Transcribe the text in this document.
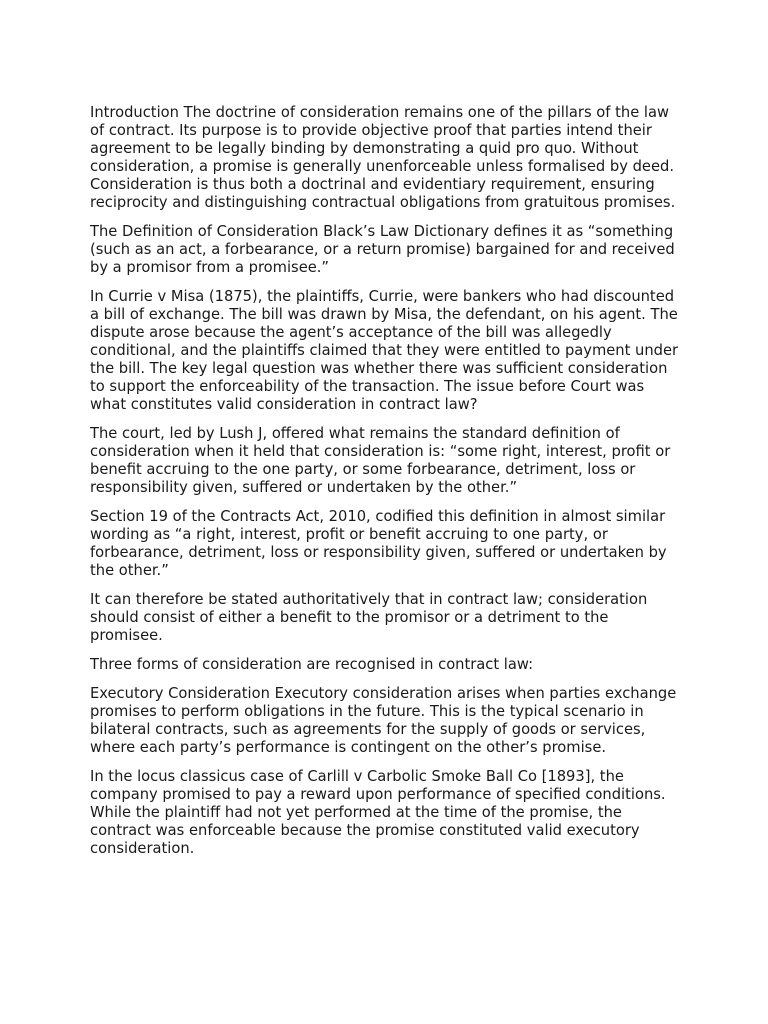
Introduction The doctrine of consideration remains one of the pillars of the law of contract. Its purpose is to provide objective proof that parties intend their agreement to be legally binding by demonstrating a quid pro quo. Without consideration, a promise is generally unenforceable unless formalised by deed. Consideration is thus both a doctrinal and evidentiary requirement, ensuring reciprocity and distinguishing contractual obligations from gratuitous promises.

The Definition of Consideration Black’s Law Dictionary defines it as “something (such as an act, a forbearance, or a return promise) bargained for and received by a promisor from a promisee.”

In Currie v Misa (1875), the plaintiffs, Currie, were bankers who had discounted a bill of exchange. The bill was drawn by Misa, the defendant, on his agent. The dispute arose because the agent’s acceptance of the bill was allegedly conditional, and the plaintiffs claimed that they were entitled to payment under the bill. The key legal question was whether there was sufficient consideration to support the enforceability of the transaction. The issue before Court was what constitutes valid consideration in contract law?

The court, led by Lush J, offered what remains the standard definition of consideration when it held that consideration is: “some right, interest, profit or benefit accruing to the one party, or some forbearance, detriment, loss or responsibility given, suffered or undertaken by the other.”

Section 19 of the Contracts Act, 2010, codified this definition in almost similar wording as “a right, interest, profit or benefit accruing to one party, or forbearance, detriment, loss or responsibility given, suffered or undertaken by the other.”

It can therefore be stated authoritatively that in contract law; consideration should consist of either a benefit to the promisor or a detriment to the promisee.

Three forms of consideration are recognised in contract law:

Executory Consideration Executory consideration arises when parties exchange promises to perform obligations in the future. This is the typical scenario in bilateral contracts, such as agreements for the supply of goods or services, where each party’s performance is contingent on the other’s promise.

In the locus classicus case of Carlill v Carbolic Smoke Ball Co [1893], the company promised to pay a reward upon performance of specified conditions. While the plaintiff had not yet performed at the time of the promise, the contract was enforceable because the promise constituted valid executory consideration.
